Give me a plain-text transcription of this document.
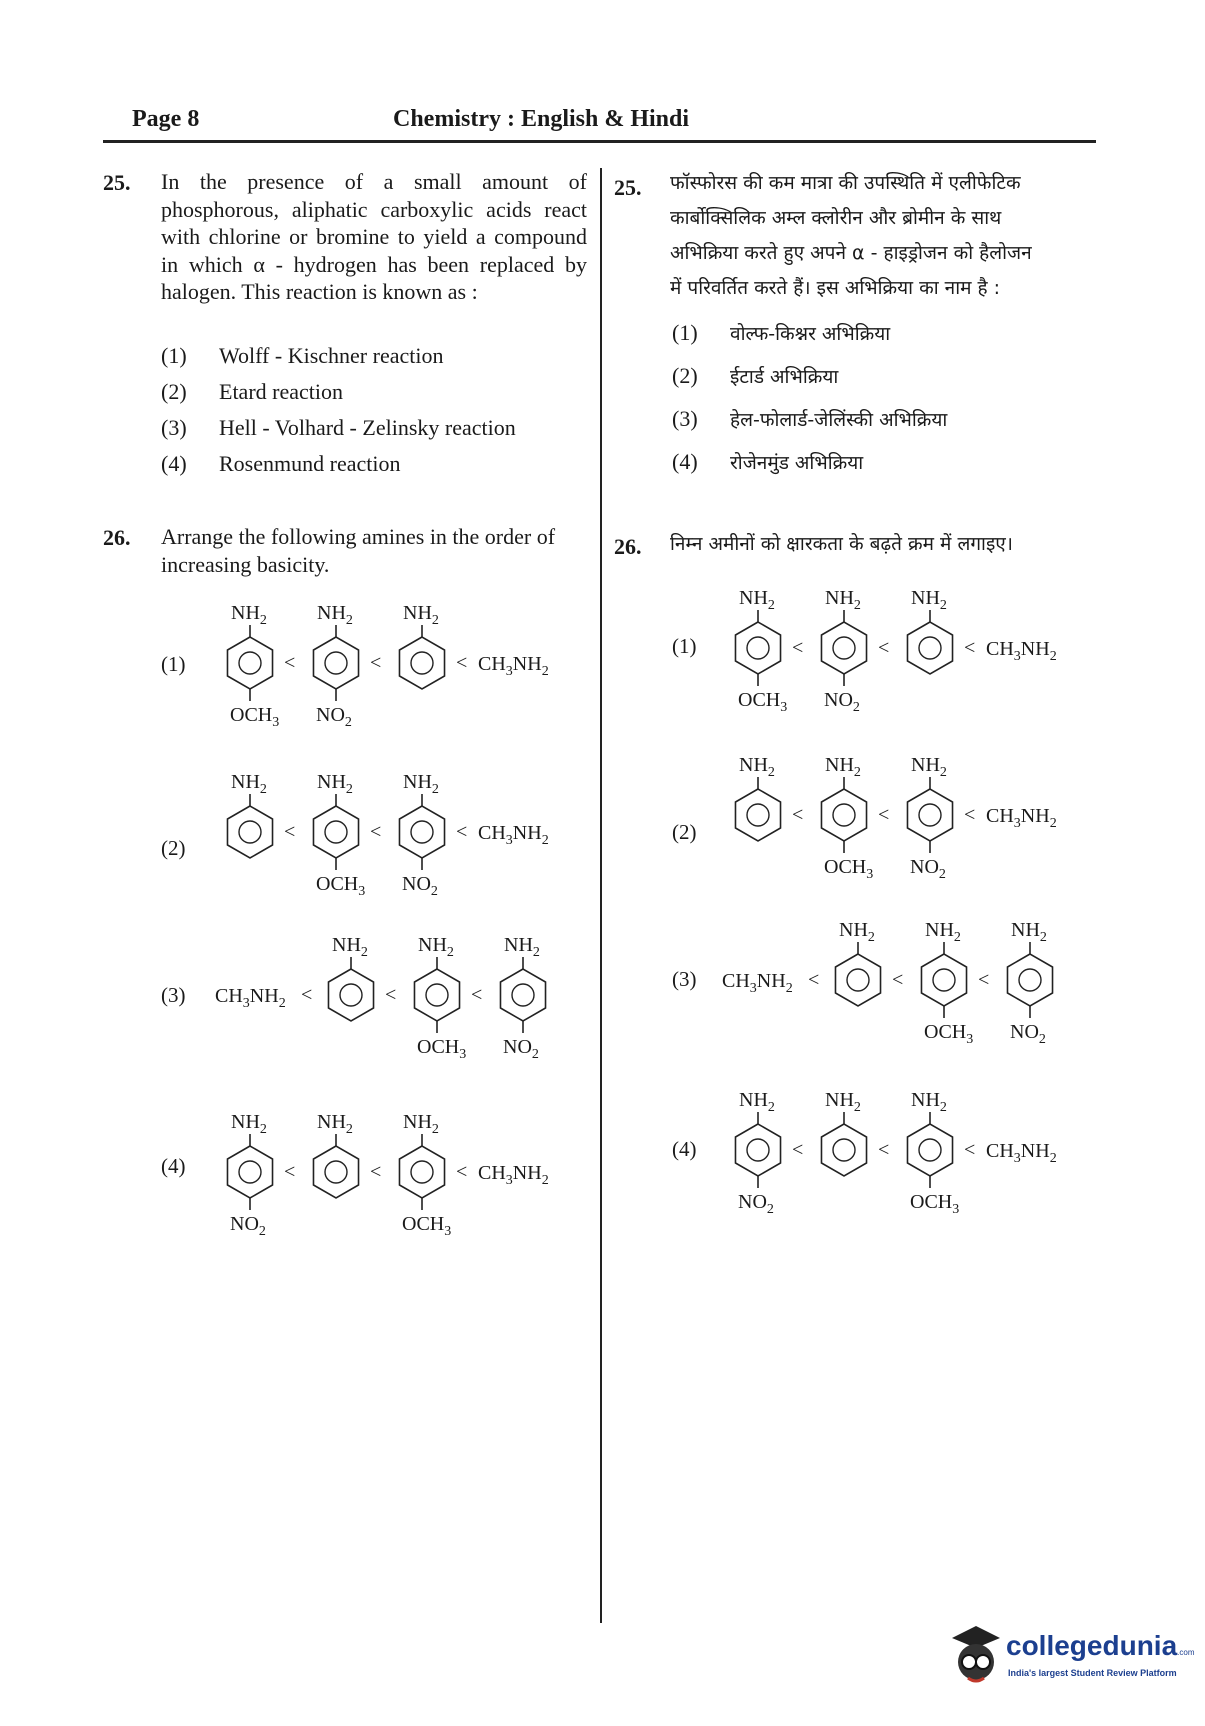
Page 8	Chemistry : English & Hindi
25. In the presence of a small amount of phosphorous, aliphatic carboxylic acids react with chlorine or bromine to yield a compound in which α - hydrogen has been replaced by halogen. This reaction is known as :
(1) Wolff - Kischner reaction
(2) Etard reaction
(3) Hell - Volhard - Zelinsky reaction
(4) Rosenmund reaction
26. Arrange the following amines in the order of increasing basicity.
(1)
(2)
(3)
(4)
$NH_2$
$OCH_3$
<
$NH_2$
$NO_2$
<
$NH_2$
< $CH_3NH_2$
$NH_2$
<
$NH_2$
$OCH_3$
<
$NH_2$
$NO_2$
< $CH_3NH_2$
$CH_3NH_2$ <
$NH_2$
<
$NH_2$
$OCH_3$
<
$NH_2$
$NO_2$
$NH_2$
$NO_2$
<
$NH_2$
<
$NH_2$
$OCH_3$
< $CH_3NH_2$
25. फॉस्फोरस की कम मात्रा की उपस्थिति में एलीफेटिक
कार्बोक्सिलिक अम्ल क्लोरीन और ब्रोमीन के साथ
अभिक्रिया करते हुए अपने α - हाइड्रोजन को हैलोजन
में परिवर्तित करते हैं। इस अभिक्रिया का नाम है :
(1) वोल्फ-किश्नर अभिक्रिया
(2) ईटार्ड अभिक्रिया
(3) हेल-फोलार्ड-जेलिंस्की अभिक्रिया
(4) रोजेनमुंड अभिक्रिया
26. निम्न अमीनों को क्षारकता के बढ़ते क्रम में लगाइए।
(1)
(2)
(3)
(4)
$NH_2$
$OCH_3$
<
$NH_2$
$NO_2$
<
$NH_2$
< $CH_3NH_2$
$NH_2$
<
$NH_2$
$OCH_3$
<
$NH_2$
$NO_2$
< $CH_3NH_2$
$CH_3NH_2$ <
$NH_2$
<
$NH_2$
$OCH_3$
<
$NH_2$
$NO_2$
$NH_2$
$NO_2$
<
$NH_2$
<
$NH_2$
$OCH_3$
< $CH_3NH_2$
collegedunia.com
India's largest Student Review Platform
